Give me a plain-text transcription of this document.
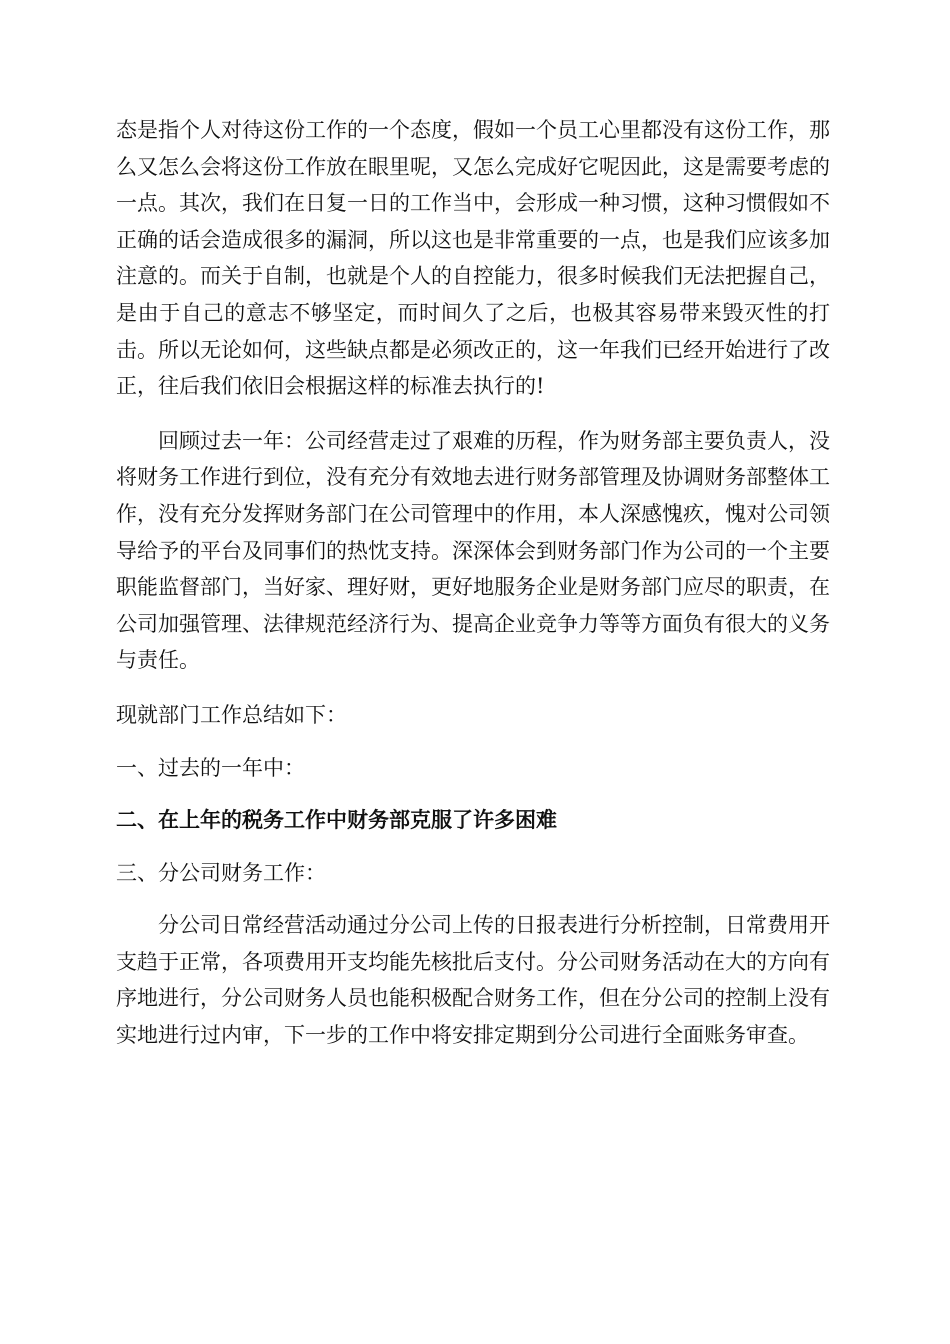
态是指个人对待这份工作的一个态度，假如一个员工心里都没有这份工作，那么又怎么会将这份工作放在眼里呢，又怎么完成好它呢因此，这是需要考虑的一点。其次，我们在日复一日的工作当中，会形成一种习惯，这种习惯假如不正确的话会造成很多的漏洞，所以这也是非常重要的一点，也是我们应该多加注意的。而关于自制，也就是个人的自控能力，很多时候我们无法把握自己，是由于自己的意志不够坚定，而时间久了之后，也极其容易带来毁灭性的打击。所以无论如何，这些缺点都是必须改正的，这一年我们已经开始进行了改正，往后我们依旧会根据这样的标准去执行的!

回顾过去一年：公司经营走过了艰难的历程，作为财务部主要负责人，没将财务工作进行到位，没有充分有效地去进行财务部管理及协调财务部整体工作，没有充分发挥财务部门在公司管理中的作用，本人深感愧疚，愧对公司领导给予的平台及同事们的热忱支持。深深体会到财务部门作为公司的一个主要职能监督部门，当好家、理好财，更好地服务企业是财务部门应尽的职责，在公司加强管理、法律规范经济行为、提高企业竞争力等等方面负有很大的义务与责任。

现就部门工作总结如下：

一、过去的一年中：

二、在上年的税务工作中财务部克服了许多困难

三、分公司财务工作：

分公司日常经营活动通过分公司上传的日报表进行分析控制，日常费用开支趋于正常，各项费用开支均能先核批后支付。分公司财务活动在大的方向有序地进行，分公司财务人员也能积极配合财务工作，但在分公司的控制上没有实地进行过内审，下一步的工作中将安排定期到分公司进行全面账务审查。
